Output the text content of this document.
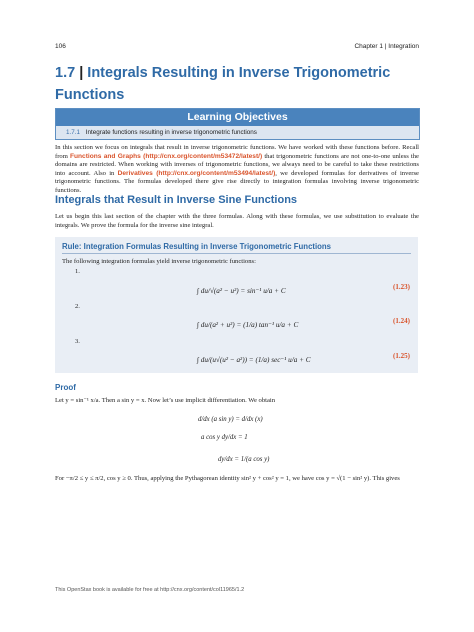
106	Chapter 1 | Integration
1.7 | Integrals Resulting in Inverse Trigonometric Functions
Learning Objectives
1.7.1 Integrate functions resulting in inverse trigonometric functions

In this section we focus on integrals that result in inverse trigonometric functions. We have worked with these functions before. Recall from Functions and Graphs (http://cnx.org/content/m53472/latest/) that trigonometric functions are not one-to-one unless the domains are restricted. When working with inverses of trigonometric functions, we always need to be careful to take these restrictions into account. Also in Derivatives (http://cnx.org/content/m53494/latest/), we developed formulas for derivatives of inverse trigonometric functions. The formulas developed there give rise directly to integration formulas involving inverse trigonometric functions.

Integrals that Result in Inverse Sine Functions

Let us begin this last section of the chapter with the three formulas. Along with these formulas, we use substitution to evaluate the integrals. We prove the formula for the inverse sine integral.

Rule: Integration Formulas Resulting in Inverse Trigonometric Functions
The following integration formulas yield inverse trigonometric functions:
1.
∫ du/√(a² − u²) = sin⁻¹ u/a + C	(1.23)
2.
∫ du/(a² + u²) = (1/a) tan⁻¹ u/a + C	(1.24)
3.
∫ du/(u√(u² − a²)) = (1/a) sec⁻¹ u/a + C	(1.25)
Proof

Let y = sin⁻¹ x/a. Then a sin y = x. Now let’s use implicit differentiation. We obtain

d/dx (a sin y) = d/dx (x)
a cos y dy/dx = 1
dy/dx = 1/(a cos y)

For −π/2 ≤ y ≤ π/2, cos y ≥ 0. Thus, applying the Pythagorean identity sin² y + cos² y = 1, we have cos y = √(1 − sin² y). This gives

This OpenStax book is available for free at http://cnx.org/content/col11965/1.2
